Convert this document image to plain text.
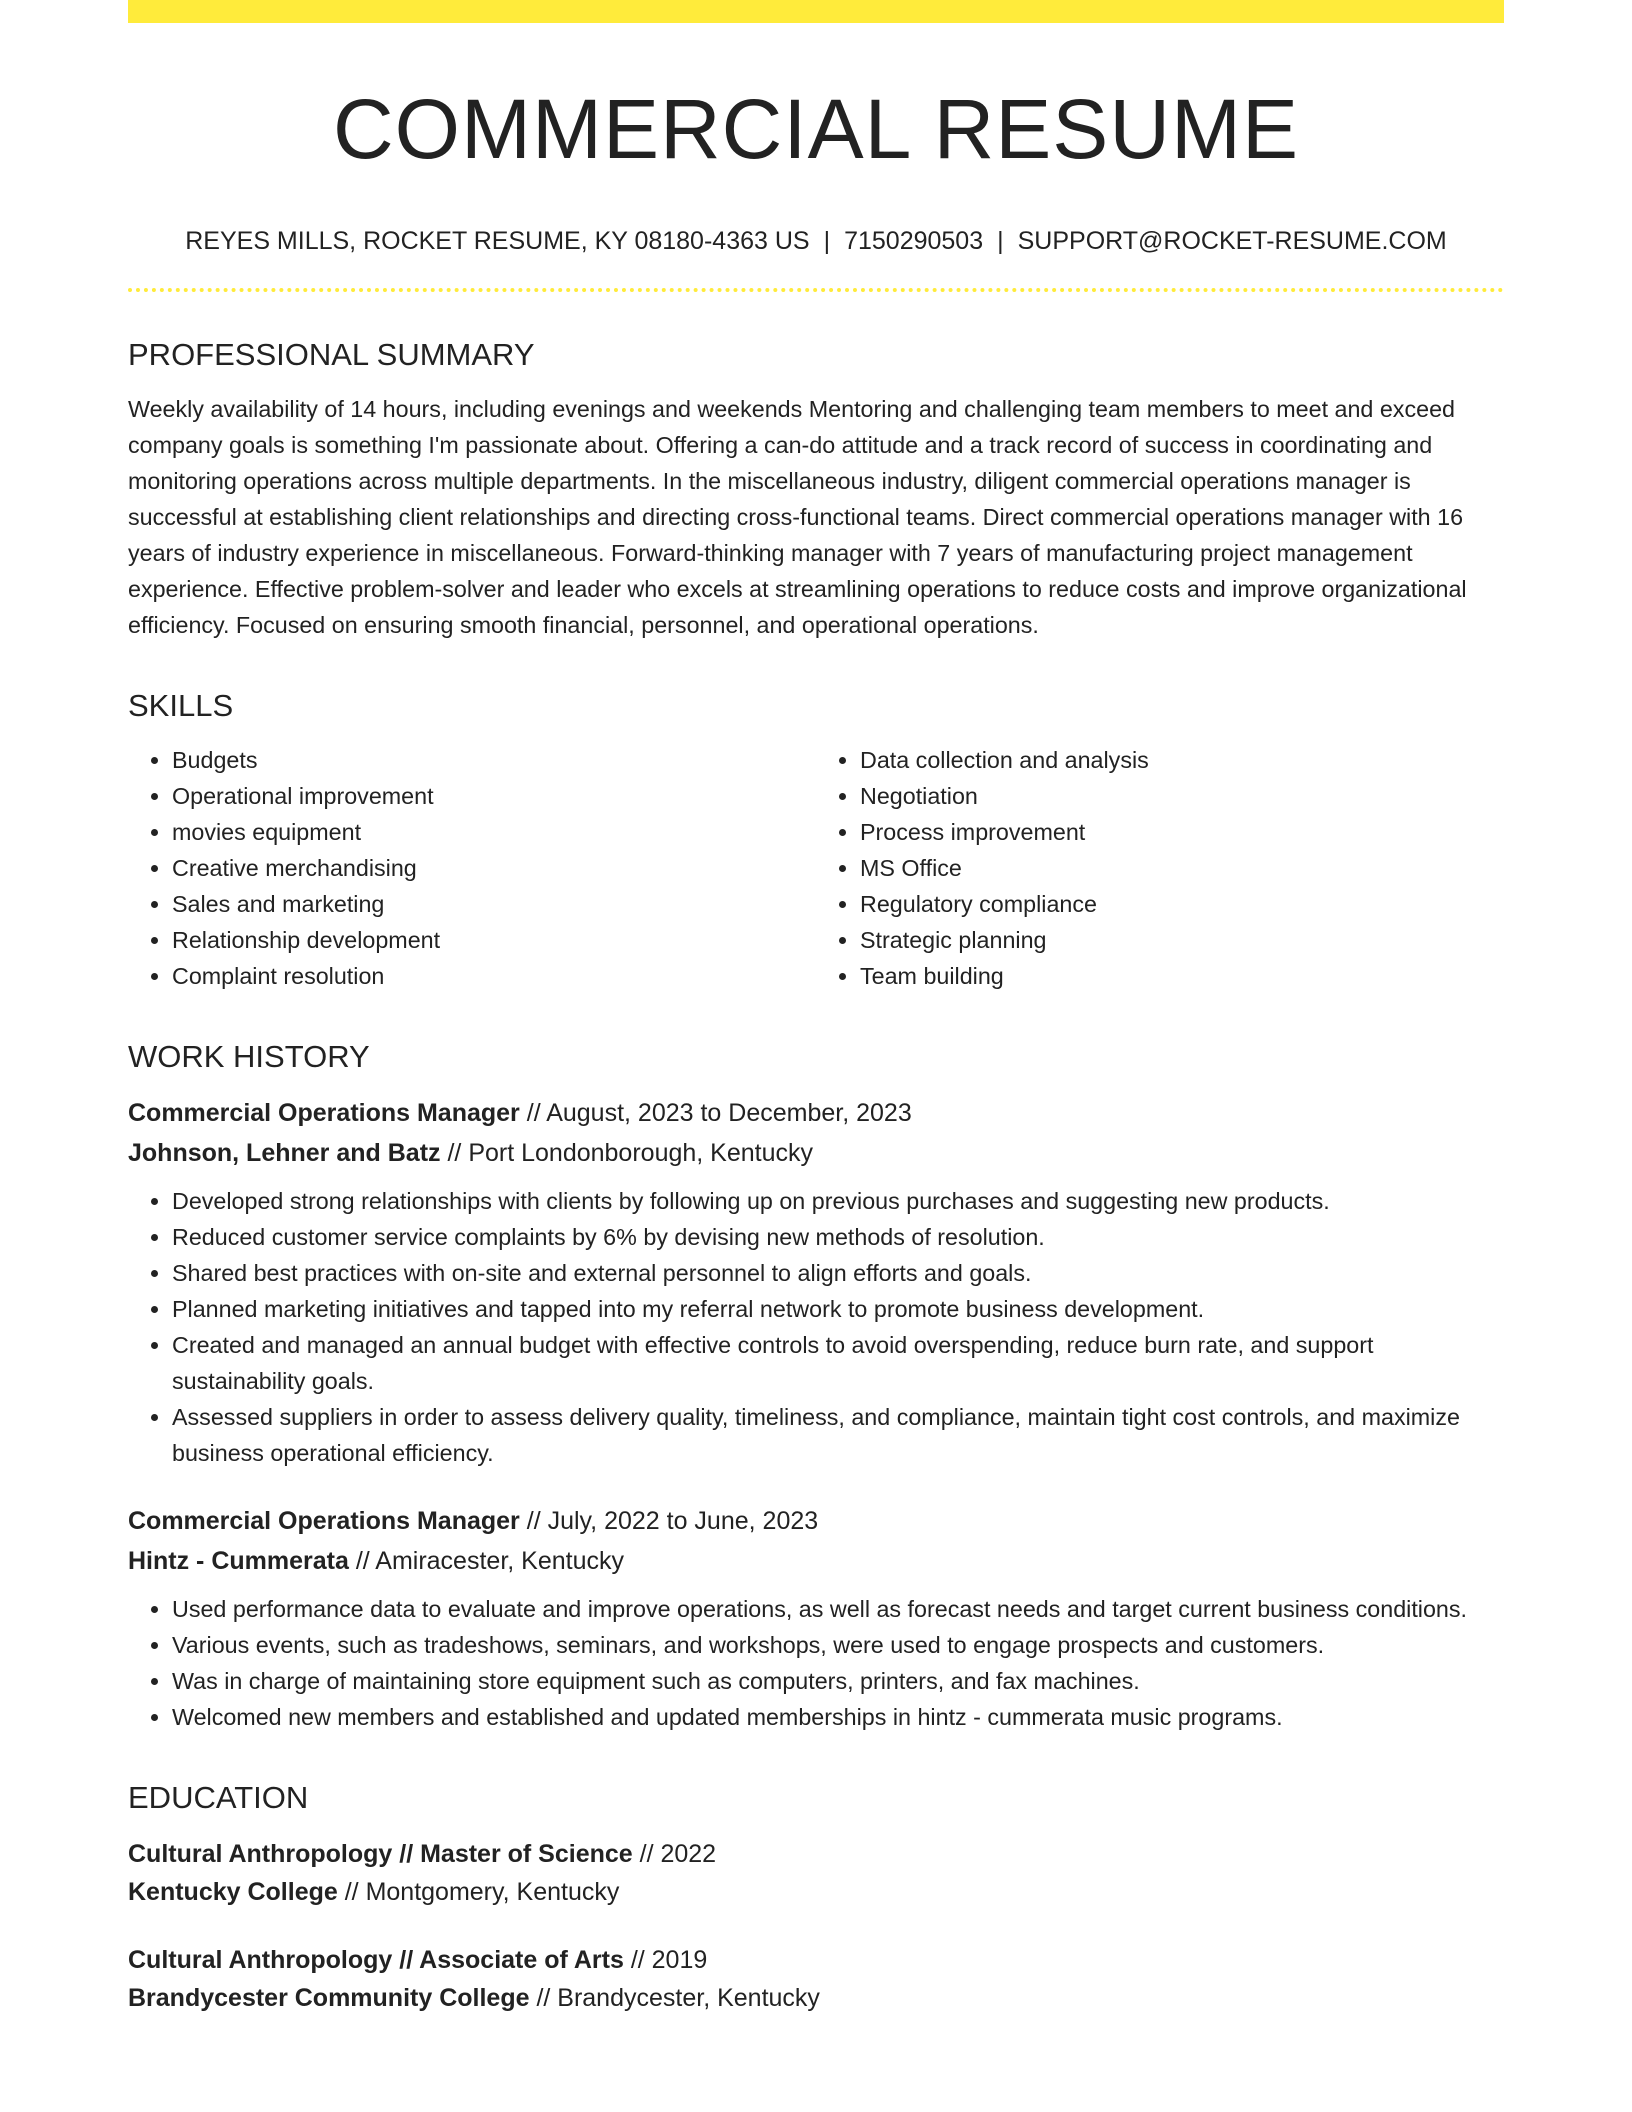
COMMERCIAL RESUME
REYES MILLS, ROCKET RESUME, KY 08180-4363 US | 7150290503 | SUPPORT@ROCKET-RESUME.COM
PROFESSIONAL SUMMARY

Weekly availability of 14 hours, including evenings and weekends Mentoring and challenging team members to meet and exceed company goals is something I'm passionate about. Offering a can-do attitude and a track record of success in coordinating and monitoring operations across multiple departments. In the miscellaneous industry, diligent commercial operations manager is successful at establishing client relationships and directing cross-functional teams. Direct commercial operations manager with 16 years of industry experience in miscellaneous. Forward-thinking manager with 7 years of manufacturing project management experience. Effective problem-solver and leader who excels at streamlining operations to reduce costs and improve organizational efficiency. Focused on ensuring smooth financial, personnel, and operational operations.

SKILLS
• Budgets
• Operational improvement
• movies equipment
• Creative merchandising
• Sales and marketing
• Relationship development
• Complaint resolution
• Data collection and analysis
• Negotiation
• Process improvement
• MS Office
• Regulatory compliance
• Strategic planning
• Team building
WORK HISTORY

Commercial Operations Manager // August, 2023 to December, 2023

Johnson, Lehner and Batz // Port Londonborough, Kentucky

• Developed strong relationships with clients by following up on previous purchases and suggesting new products.
• Reduced customer service complaints by 6% by devising new methods of resolution.
• Shared best practices with on-site and external personnel to align efforts and goals.
• Planned marketing initiatives and tapped into my referral network to promote business development.
• Created and managed an annual budget with effective controls to avoid overspending, reduce burn rate, and support sustainability goals.
• Assessed suppliers in order to assess delivery quality, timeliness, and compliance, maintain tight cost controls, and maximize business operational efficiency.

Commercial Operations Manager // July, 2022 to June, 2023

Hintz - Cummerata // Amiracester, Kentucky

• Used performance data to evaluate and improve operations, as well as forecast needs and target current business conditions.
• Various events, such as tradeshows, seminars, and workshops, were used to engage prospects and customers.
• Was in charge of maintaining store equipment such as computers, printers, and fax machines.
• Welcomed new members and established and updated memberships in hintz - cummerata music programs.
EDUCATION

Cultural Anthropology // Master of Science // 2022

Kentucky College // Montgomery, Kentucky

Cultural Anthropology // Associate of Arts // 2019

Brandycester Community College // Brandycester, Kentucky
